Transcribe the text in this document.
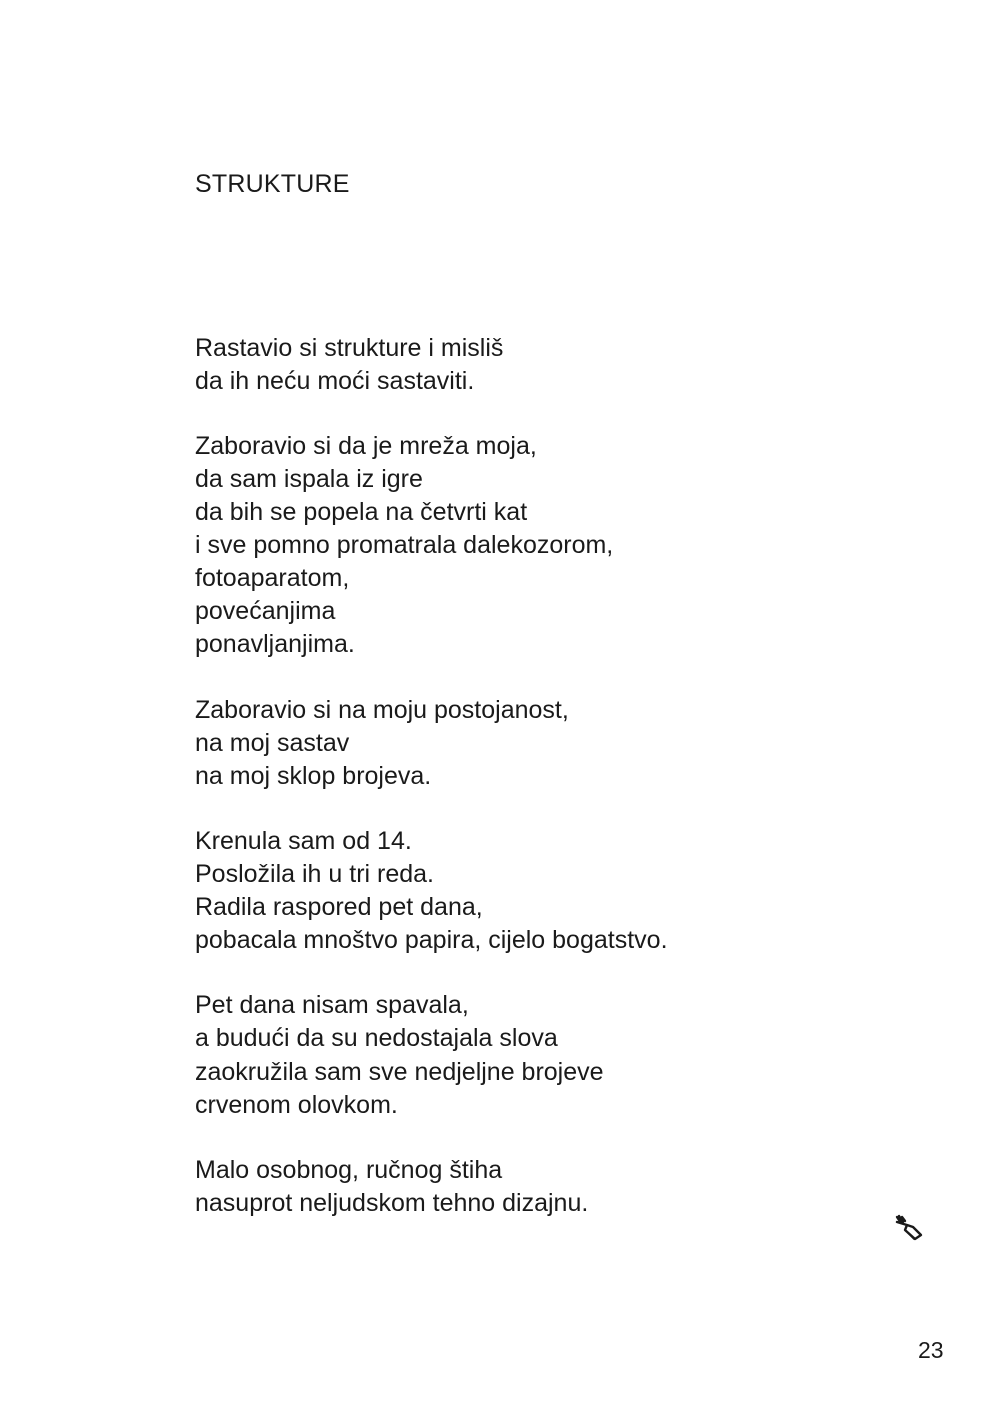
STRUKTURE
Rastavio si strukture i misliš
da ih neću moći sastaviti.
Zaboravio si da je mreža moja,
da sam ispala iz igre
da bih se popela na četvrti kat
i sve pomno promatrala dalekozorom,
fotoaparatom,
povećanjima
ponavljanjima.
Zaboravio si na moju postojanost,
na moj sastav
na moj sklop brojeva.
Krenula sam od 14.
Posložila ih u tri reda.
Radila raspored pet dana,
pobacala mnoštvo papira, cijelo bogatstvo.
Pet dana nisam spavala,
a budući da su nedostajala slova
zaokružila sam sve nedjeljne brojeve
crvenom olovkom.
Malo osobnog, ručnog štiha
nasuprot neljudskom tehno dizajnu.
23
